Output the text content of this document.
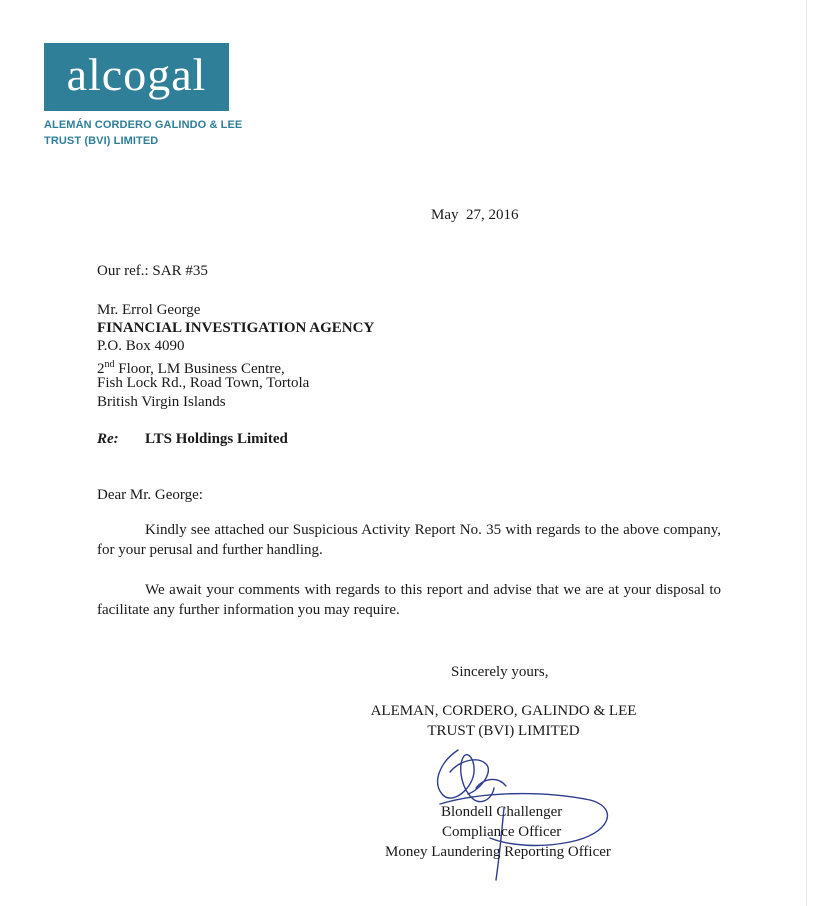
alcogal
ALEMÁN CORDERO GALINDO & LEE
TRUST (BVI) LIMITED
May  27, 2016
Our ref.: SAR #35
Mr. Errol George
FINANCIAL INVESTIGATION AGENCY
P.O. Box 4090
2nd Floor, LM Business Centre,
Fish Lock Rd., Road Town, Tortola
British Virgin Islands
Re: LTS Holdings Limited
Dear Mr. George:
Kindly see attached our Suspicious Activity Report No. 35 with regards to the above company, for your perusal and further handling.
We await your comments with regards to this report and advise that we are at your disposal to facilitate any further information you may require.
Sincerely yours,
ALEMAN, CORDERO, GALINDO & LEE
TRUST (BVI) LIMITED
Blondell Challenger
Compliance Officer
Money Laundering Reporting Officer
